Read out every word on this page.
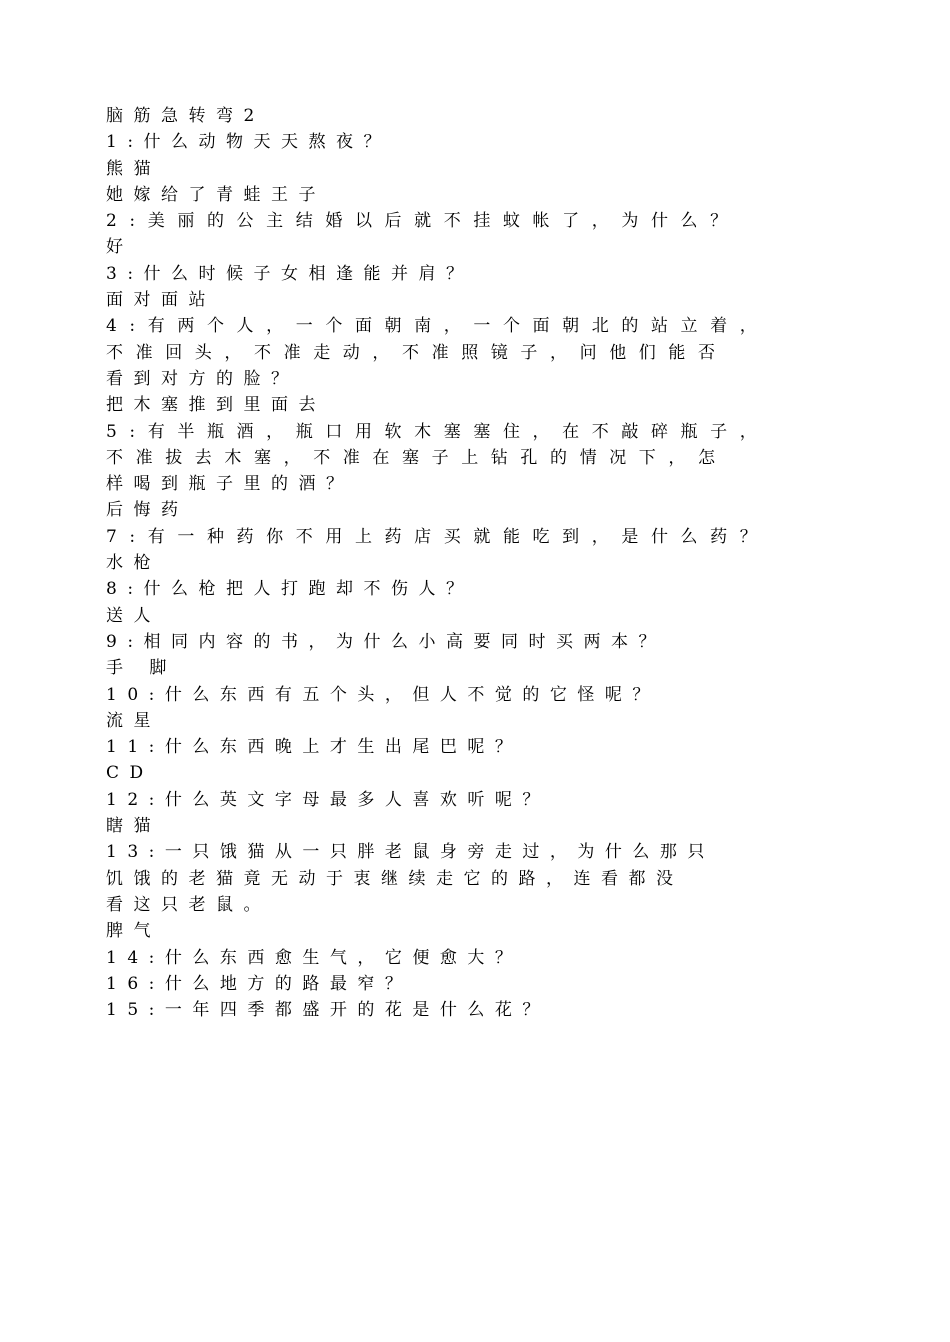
脑筋急转弯2
1:什么动物天天熬夜？
熊猫
她嫁给了青蛙王子
2:美丽的公主结婚以后就不挂蚊帐了，为什么？
好
3:什么时候子女相逢能并肩？
面对面站
4:有两个人，一个面朝南，一个面朝北的站立着，
不准回头，不准走动，不准照镜子，问他们能否
看到对方的脸？
把木塞推到里面去
5:有半瓶酒，瓶口用软木塞塞住，在不敲碎瓶子，
不准拔去木塞，不准在塞子上钻孔的情况下，怎
样喝到瓶子里的酒？
后悔药
7:有一种药你不用上药店买就能吃到，是什么药？
水枪
8:什么枪把人打跑却不伤人？
送人
9:相同内容的书，为什么小高要同时买两本？
手 脚
10:什么东西有五个头，但人不觉的它怪呢？
流星
11:什么东西晚上才生出尾巴呢？
CD
12:什么英文字母最多人喜欢听呢？
瞎猫
13:一只饿猫从一只胖老鼠身旁走过，为什么那只
饥饿的老猫竟无动于衷继续走它的路，连看都没
看这只老鼠。
脾气
14:什么东西愈生气，它便愈大？
16:什么地方的路最窄？
15:一年四季都盛开的花是什么花？
